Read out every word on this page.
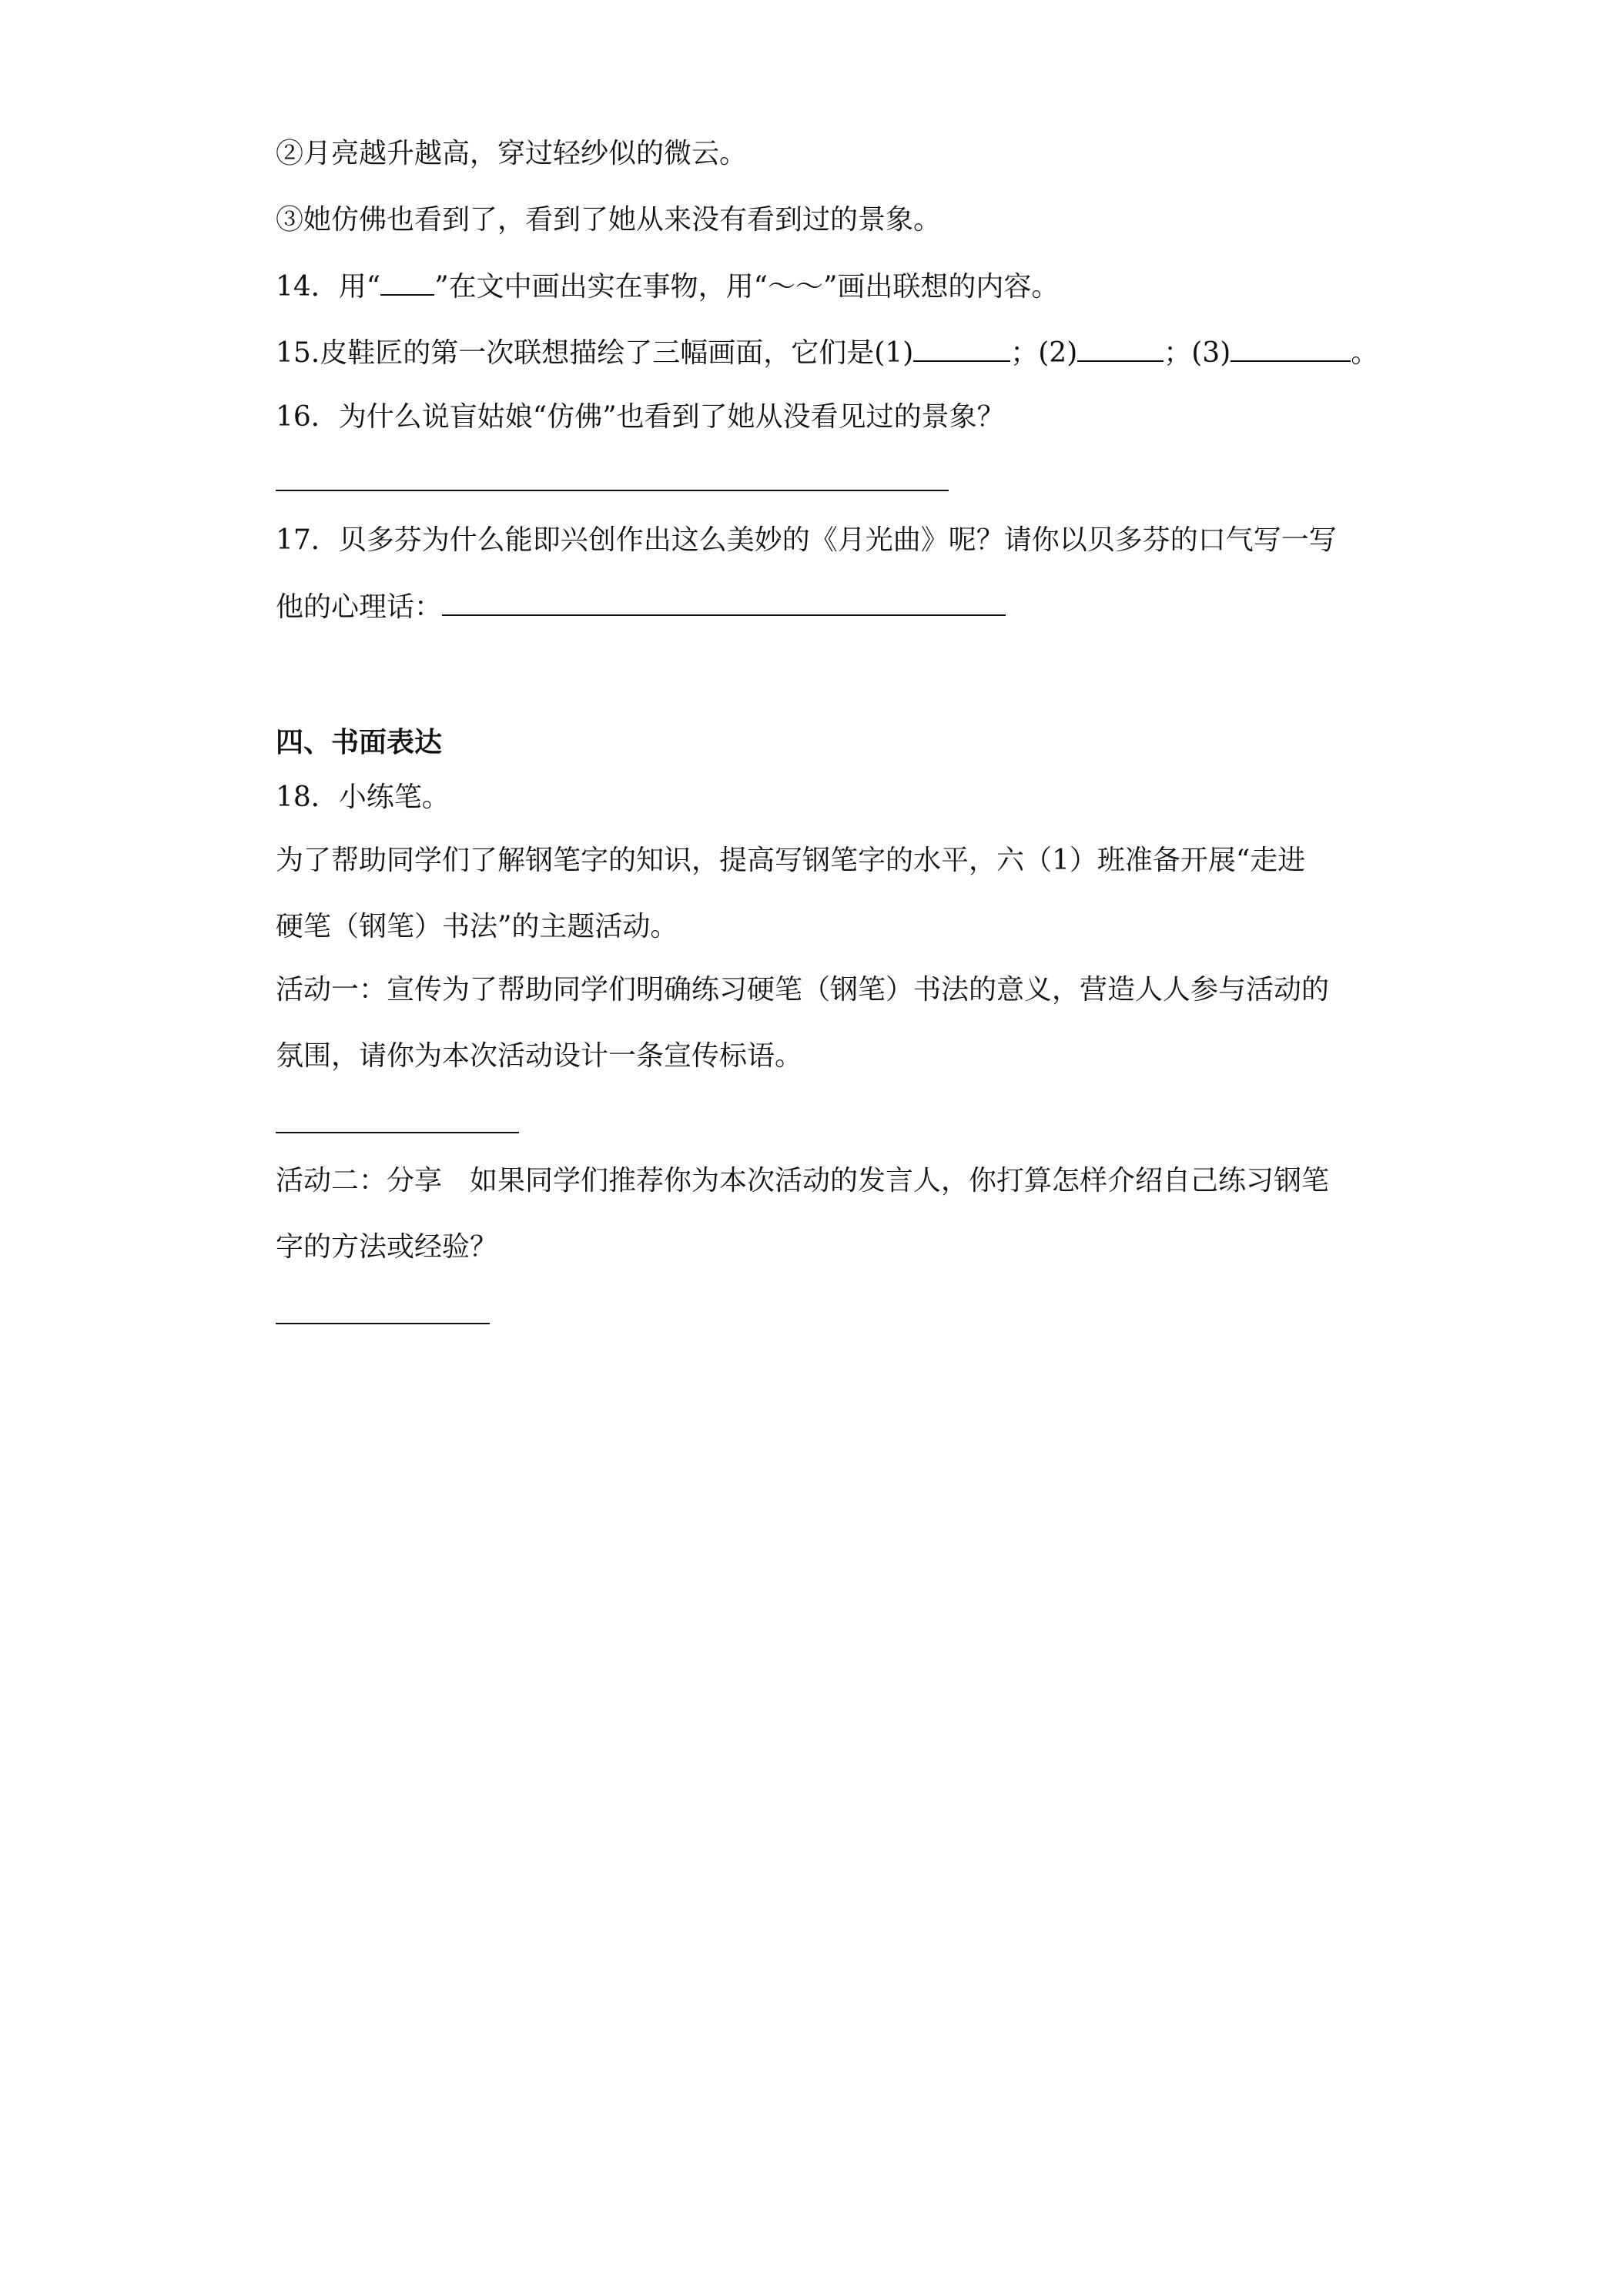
②月亮越升越高，穿过轻纱似的微云。
③她仿佛也看到了，看到了她从来没有看到过的景象。
14．用“ ”在文中画出实在事物，用“～～”画出联想的内容。
15.皮鞋匠的第一次联想描绘了三幅画面，它们是(1)	；(2)	；(3)	。
16．为什么说盲姑娘“仿佛”也看到了她从没看见过的景象？
17．贝多芬为什么能即兴创作出这么美妙的《月光曲》呢？请你以贝多芬的口气写一写
他的心理话：
四、书面表达
18．小练笔。
为了帮助同学们了解钢笔字的知识，提高写钢笔字的水平，六（1）班准备开展“走进
硬笔（钢笔）书法”的主题活动。
活动一：宣传为了帮助同学们明确练习硬笔（钢笔）书法的意义，营造人人参与活动的
氛围，请你为本次活动设计一条宣传标语。
活动二：分享　如果同学们推荐你为本次活动的发言人，你打算怎样介绍自己练习钢笔
字的方法或经验？
